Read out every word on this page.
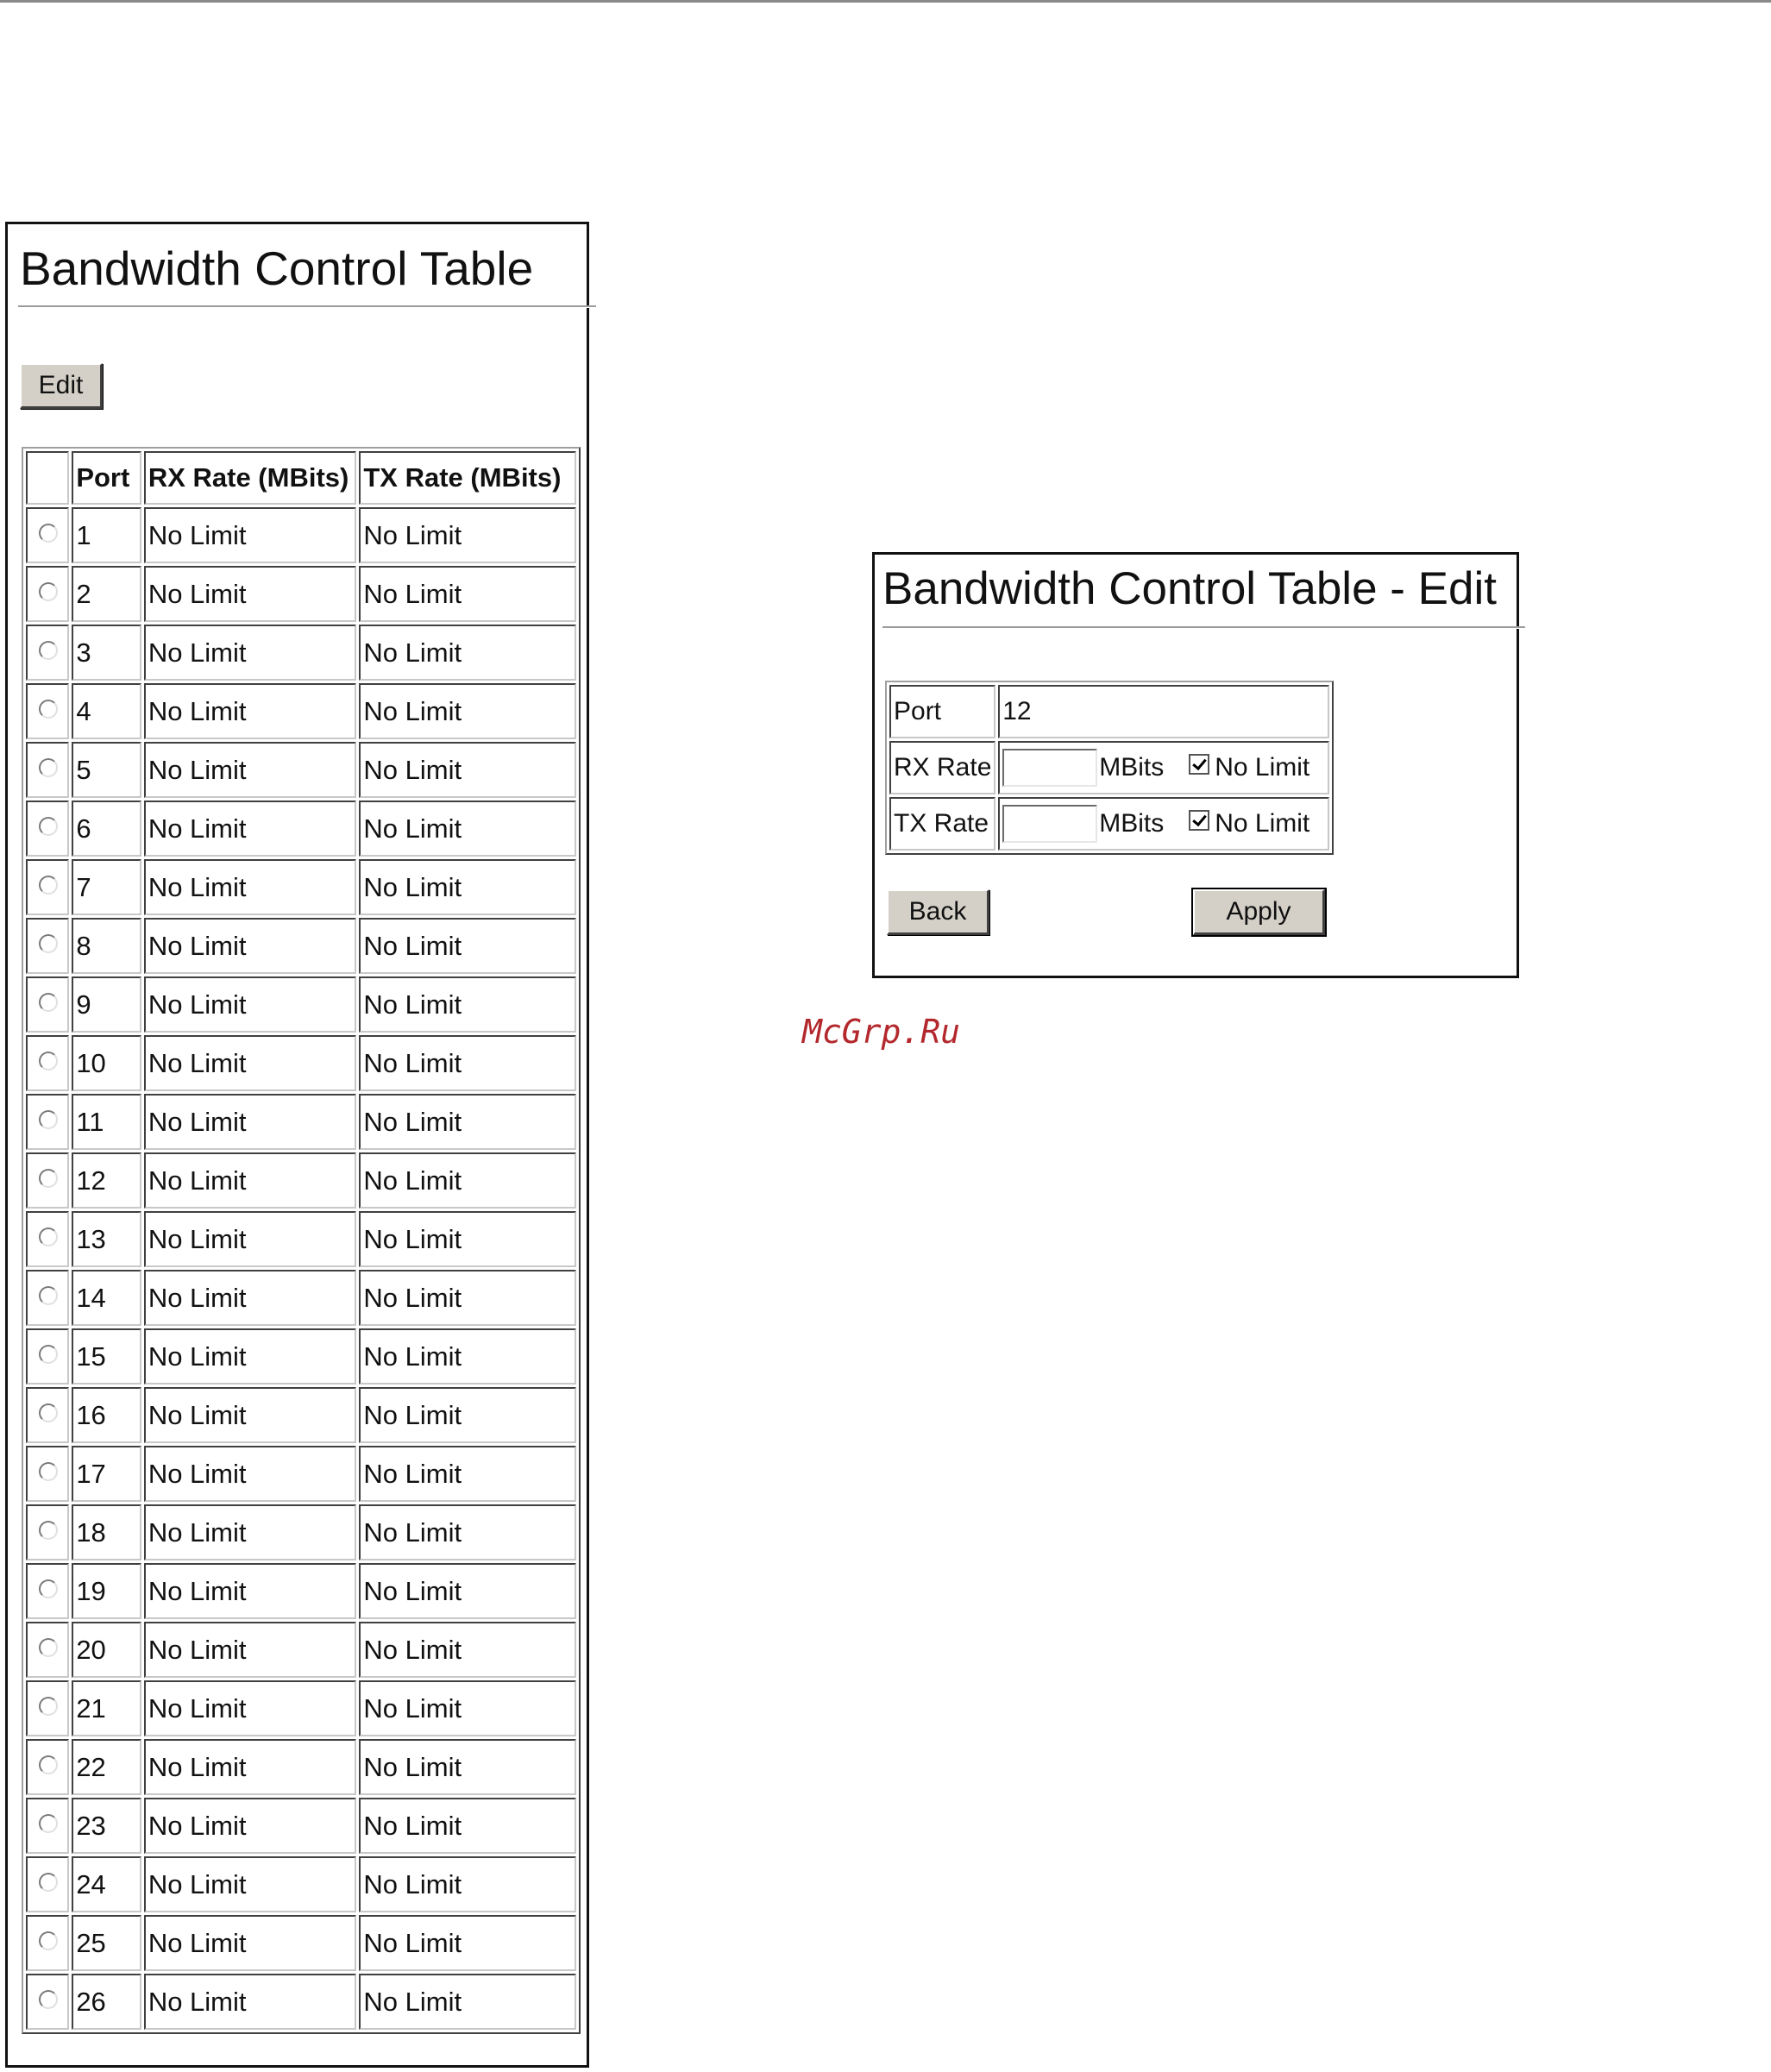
Bandwidth Control Table
Edit
	Port	RX Rate (MBits)	TX Rate (MBits)
	1	No Limit	No Limit
	2	No Limit	No Limit
	3	No Limit	No Limit
	4	No Limit	No Limit
	5	No Limit	No Limit
	6	No Limit	No Limit
	7	No Limit	No Limit
	8	No Limit	No Limit
	9	No Limit	No Limit
	10	No Limit	No Limit
	11	No Limit	No Limit
	12	No Limit	No Limit
	13	No Limit	No Limit
	14	No Limit	No Limit
	15	No Limit	No Limit
	16	No Limit	No Limit
	17	No Limit	No Limit
	18	No Limit	No Limit
	19	No Limit	No Limit
	20	No Limit	No Limit
	21	No Limit	No Limit
	22	No Limit	No Limit
	23	No Limit	No Limit
	24	No Limit	No Limit
	25	No Limit	No Limit
	26	No Limit	No Limit
Bandwidth Control Table - Edit
Port	12
RX Rate	MBits No Limit
TX Rate	MBits No Limit
Back	Apply
McGrp.Ru
